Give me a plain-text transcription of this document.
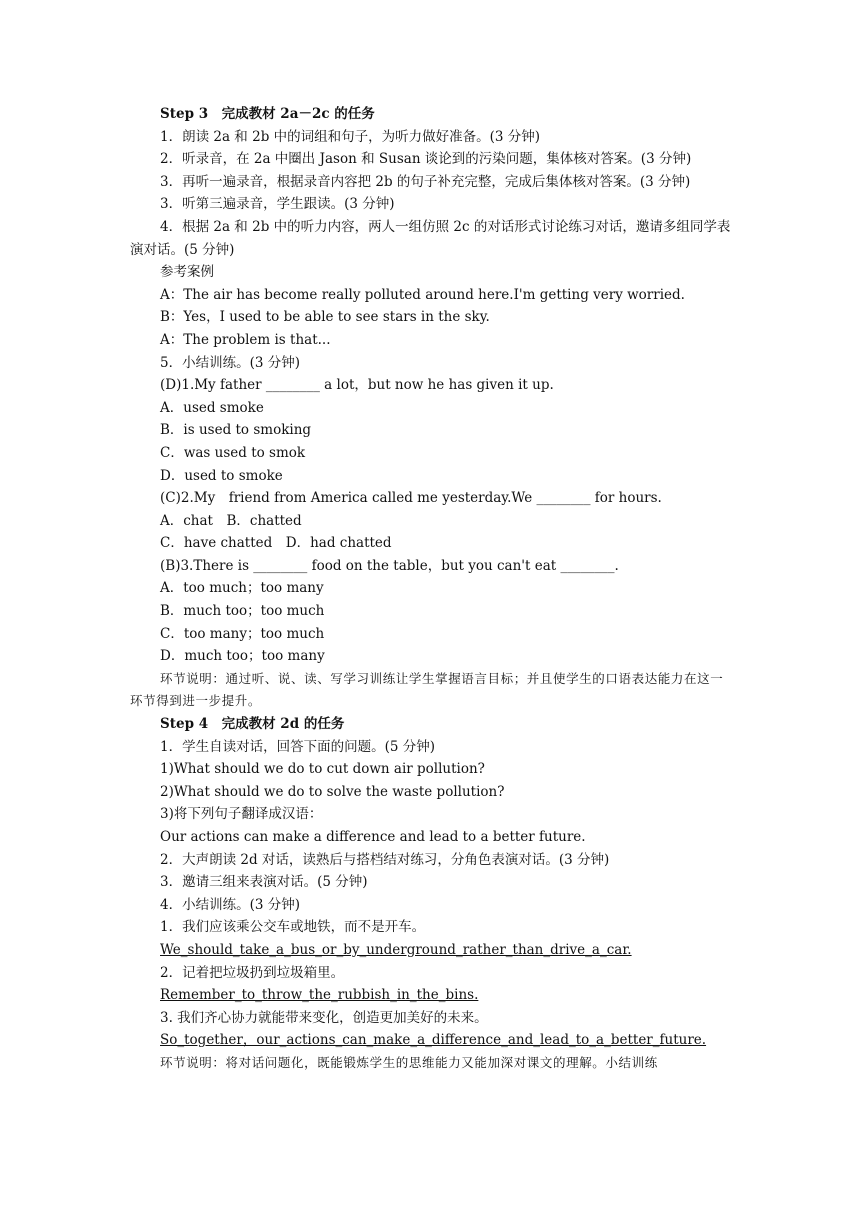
Step 3　完成教材 2a－2c 的任务
1．朗读 2a 和 2b 中的词组和句子，为听力做好准备。(3 分钟)
2．听录音，在 2a 中圈出 Jason 和 Susan 谈论到的污染问题，集体核对答案。(3 分钟)
3．再听一遍录音，根据录音内容把 2b 的句子补充完整，完成后集体核对答案。(3 分钟)
3．听第三遍录音，学生跟读。(3 分钟)
4．根据 2a 和 2b 中的听力内容，两人一组仿照 2c 的对话形式讨论练习对话，邀请多组同学表演对话。(5 分钟)
参考案例
A：The air has become really polluted around here.I'm getting very worried.
B：Yes，I used to be able to see stars in the sky.
A：The problem is that...
5．小结训练。(3 分钟)
(D)1.My father ________ a lot，but now he has given it up.
A．used smoke
B．is used to smoking
C．was used to smok
D．used to smoke
(C)2.My　friend from America called me yesterday.We ________ for hours.
A．chat　B．chatted
C．have chatted　D．had chatted
(B)3.There is ________ food on the table，but you can't eat ________.
A．too much；too many
B．much too；too much
C．too many；too much
D．much too；too many
环节说明：通过听、说、读、写学习训练让学生掌握语言目标；并且使学生的口语表达能力在这一环节得到进一步提升。
Step 4　完成教材 2d 的任务
1．学生自读对话，回答下面的问题。(5 分钟)
1)What should we do to cut down air pollution?
2)What should we do to solve the waste pollution?
3)将下列句子翻译成汉语：
Our actions can make a difference and lead to a better future.
2．大声朗读 2d 对话，读熟后与搭档结对练习，分角色表演对话。(3 分钟)
3．邀请三组来表演对话。(5 分钟)
4．小结训练。(3 分钟)
1．我们应该乘公交车或地铁，而不是开车。
We_should_take_a_bus_or_by_underground_rather_than_drive_a_car.
2．记着把垃圾扔到垃圾箱里。
Remember_to_throw_the_rubbish_in_the_bins.
3. 我们齐心协力就能带来变化，创造更加美好的未来。
So_together，our_actions_can_make_a_difference_and_lead_to_a_better_future.
环节说明：将对话问题化，既能锻炼学生的思维能力又能加深对课文的理解。小结训练
